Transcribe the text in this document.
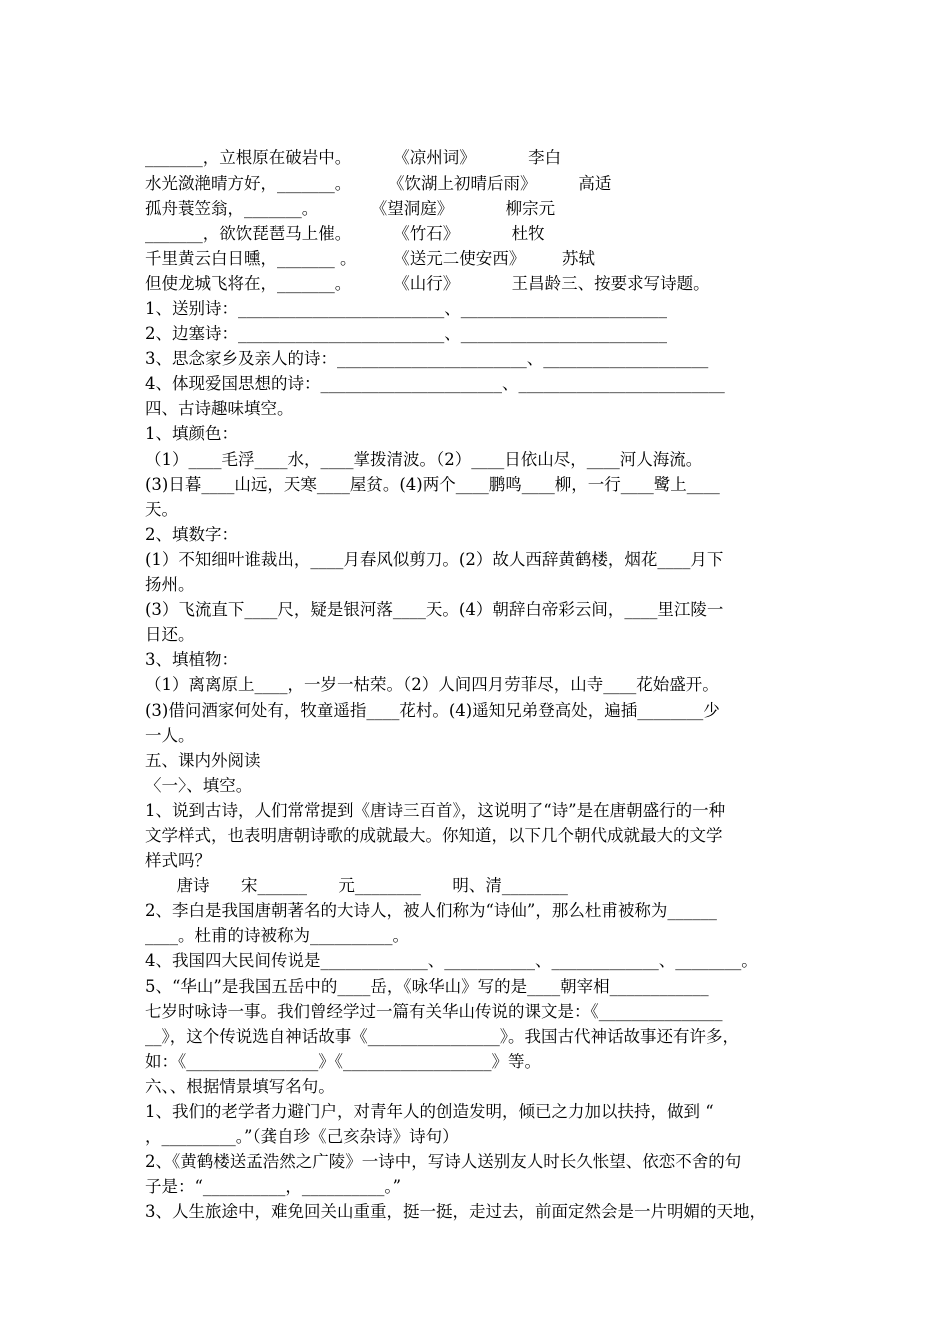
_______，立根原在破岩中。        《凉州词》          李白
水光潋滟晴方好，_______。       《饮湖上初晴后雨》        高适
孤舟蓑笠翁，_______。          《望洞庭》          柳宗元
_______，欲饮琵琶马上催。        《竹石》          杜牧
千里黄云白日曛，_______ 。       《送元二使安西》       苏轼
但使龙城飞将在，_______。        《山行》          王昌龄三、按要求写诗题。
1、送别诗：_________________________、_________________________
2、边塞诗：_________________________、_________________________
3、思念家乡及亲人的诗：_______________________、____________________
4、体现爱国思想的诗：______________________、_________________________
四、古诗趣味填空。
1、填颜色：
（1）____毛浮____水，____掌拨清波。（2）____日依山尽，____河人海流。
(3)日暮____山远，天寒____屋贫。(4)两个____鹏鸣____柳，一行____鹭上____
天。
2、填数字：
(1）不知细叶谁裁出，____月春风似剪刀。(2）故人西辞黄鹤楼，烟花____月下
扬州。
(3）飞流直下____尺，疑是银河落____天。(4）朝辞白帝彩云间，____里江陵一
日还。
3、填植物：
（1）离离原上____，一岁一枯荣。（2）人间四月劳菲尽，山寺____花始盛开。
(3)借问酒家何处有，牧童遥指____花村。(4)遥知兄弟登高处，遍插________少
一人。
五、课内外阅读
〈一〉、填空。
1、说到古诗，人们常常提到《唐诗三百首》，这说明了“诗”是在唐朝盛行的一种
文学样式，也表明唐朝诗歌的成就最大。你知道，以下几个朝代成就最大的文学
样式吗？
唐诗      宋______      元________      明、清________
2、李白是我国唐朝著名的大诗人，被人们称为“诗仙”，那么杜甫被称为______
____。杜甫的诗被称为__________。
4、我国四大民间传说是_____________、___________、_____________、________。
5、“华山”是我国五岳中的____岳，《咏华山》写的是____朝宰相____________
七岁时咏诗一事。我们曾经学过一篇有关华山传说的课文是：《_______________
__》，这个传说选自神话故事《________________》。我国古代神话故事还有许多，
如：《________________》《__________________》等。
六、、根据情景填写名句。
1、我们的老学者力避门户，对青年人的创造发明，倾已之力加以扶持，做到 “
，_________。”（龚自珍《己亥杂诗》诗句）
2、《黄鹤楼送孟浩然之广陵》一诗中，写诗人送别友人时长久怅望、依恋不舍的句
子是：“__________，__________。”
3、人生旅途中，难免回关山重重，挺一挺，走过去，前面定然会是一片明媚的天地，
